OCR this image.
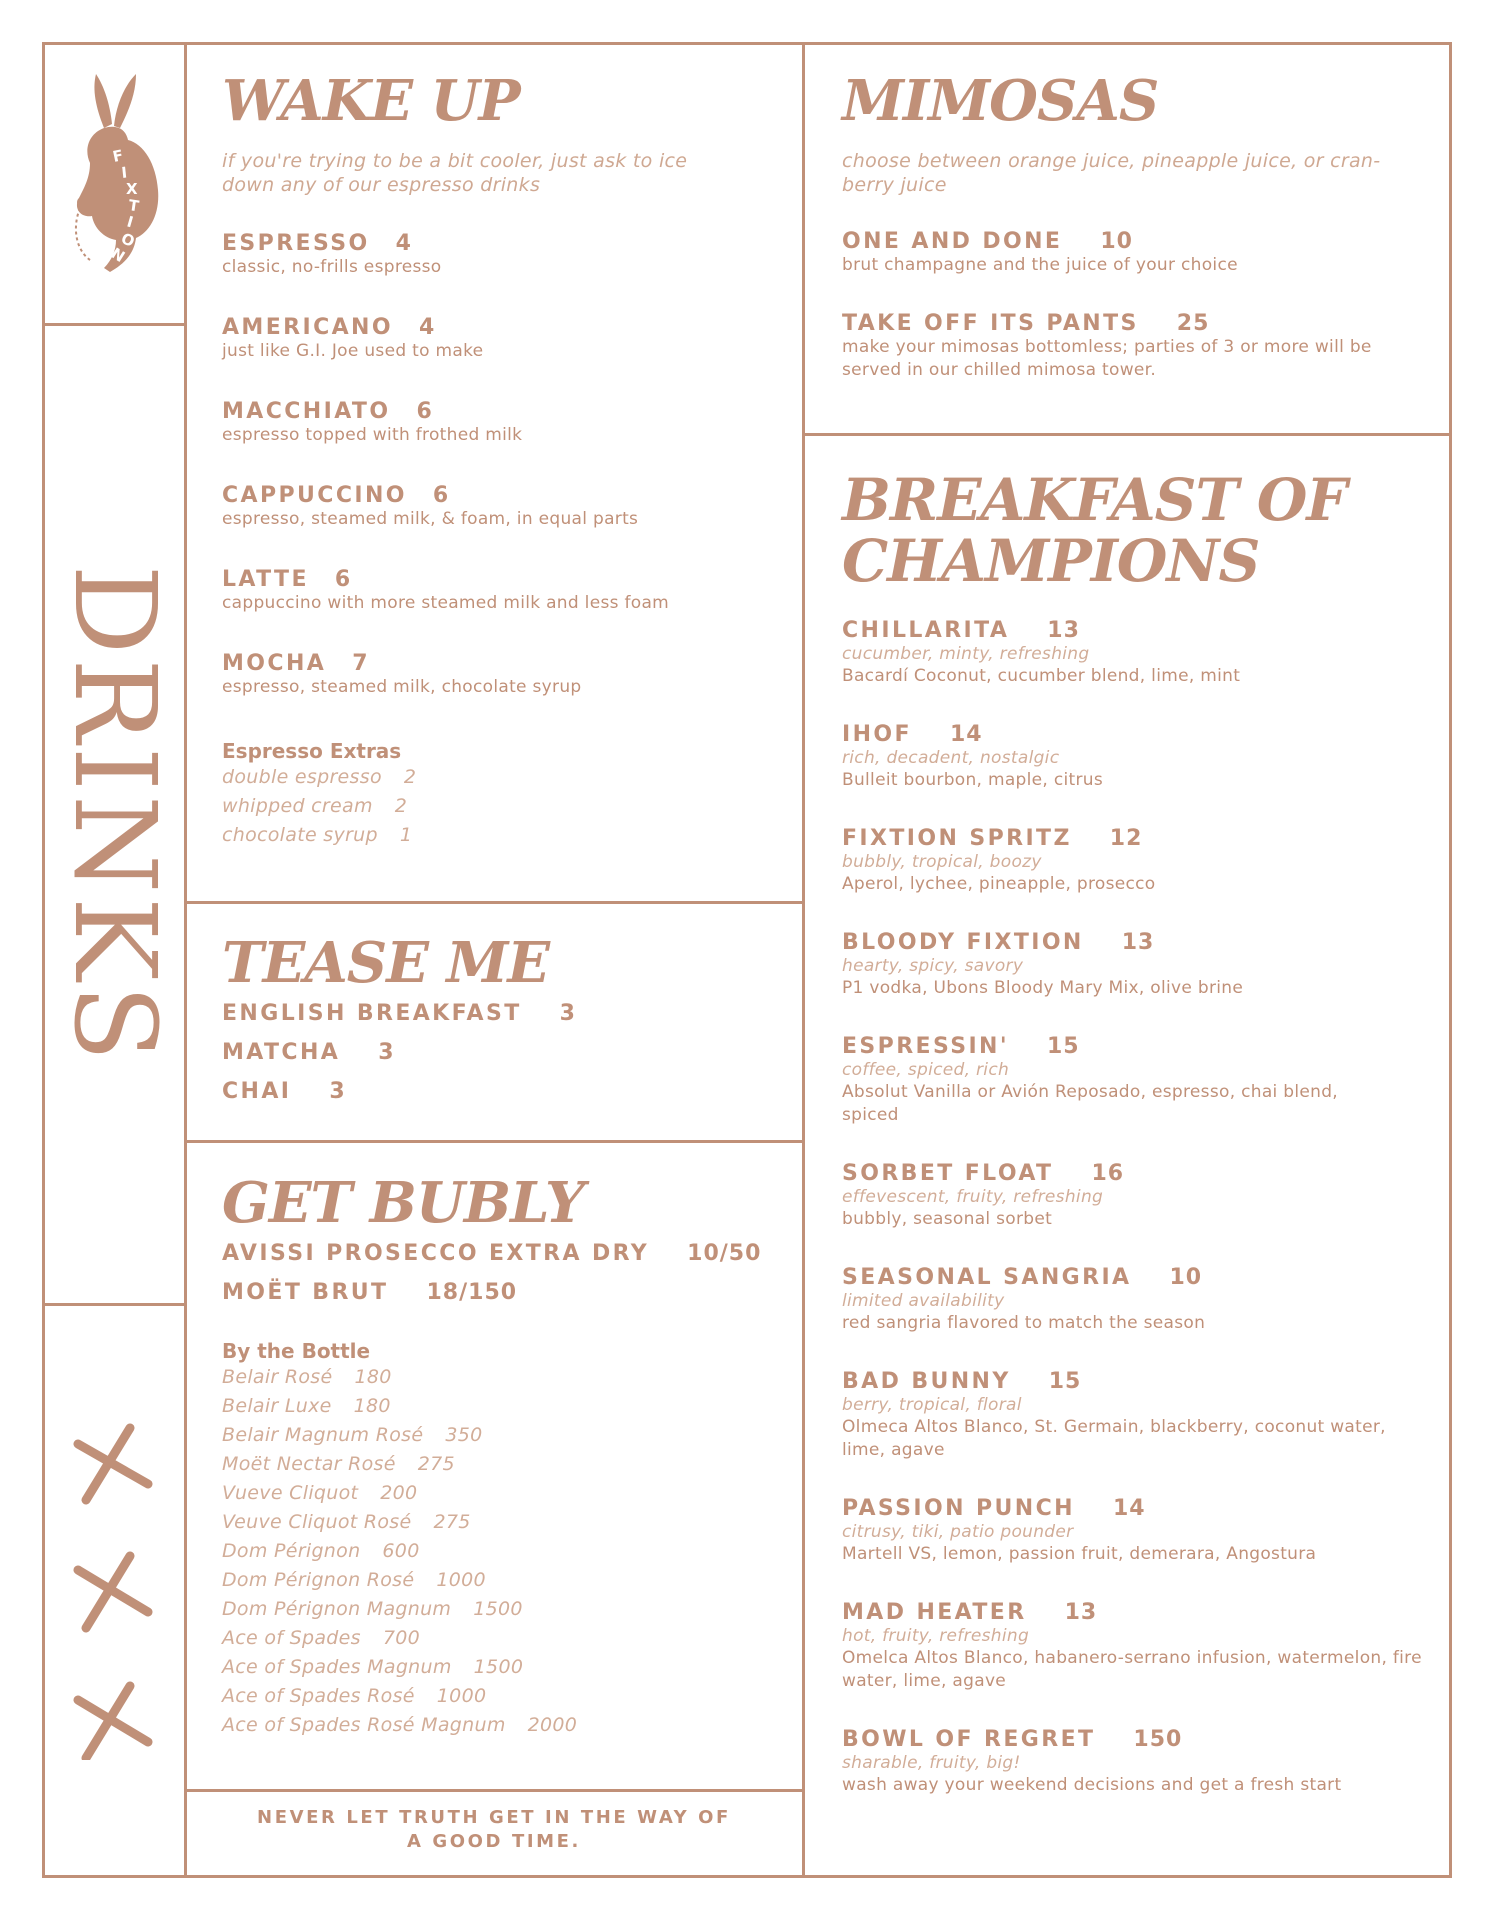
F
I
X
T
I
O
N
DRINKS
WAKE UP
if you're trying to be a bit cooler, just ask to ice down any of our espresso drinks
ESPRESSO 4
classic, no-frills espresso
AMERICANO 4
just like G.I. Joe used to make
MACCHIATO 6
espresso topped with frothed milk
CAPPUCCINO 6
espresso, steamed milk, & foam, in equal parts
LATTE 6
cappuccino with more steamed milk and less foam
MOCHA 7
espresso, steamed milk, chocolate syrup
Espresso Extras
double espresso 2
whipped cream 2
chocolate syrup 1
TEASE ME
ENGLISH BREAKFAST 3
MATCHA 3
CHAI 3
GET BUBLY
AVISSI PROSECCO EXTRA DRY 10/50
MOËT BRUT 18/150
By the Bottle
Belair Rosé 180
Belair Luxe 180
Belair Magnum Rosé 350
Moët Nectar Rosé 275
Vueve Cliquot 200
Veuve Cliquot Rosé 275
Dom Pérignon 600
Dom Pérignon Rosé 1000
Dom Pérignon Magnum 1500
Ace of Spades 700
Ace of Spades Magnum 1500
Ace of Spades Rosé 1000
Ace of Spades Rosé Magnum 2000
NEVER LET TRUTH GET IN THE WAY OF
A GOOD TIME.
MIMOSAS
choose between orange juice, pineapple juice, or cran-
berry juice
ONE AND DONE 10
brut champagne and the juice of your choice
TAKE OFF ITS PANTS 25
make your mimosas bottomless; parties of 3 or more will be served in our chilled mimosa tower.
BREAKFAST OF
CHAMPIONS
CHILLARITA 13
cucumber, minty, refreshing
Bacardí Coconut, cucumber blend, lime, mint
IHOF 14
rich, decadent, nostalgic
Bulleit bourbon, maple, citrus
FIXTION SPRITZ 12
bubbly, tropical, boozy
Aperol, lychee, pineapple, prosecco
BLOODY FIXTION 13
hearty, spicy, savory
P1 vodka, Ubons Bloody Mary Mix, olive brine
ESPRESSIN' 15
coffee, spiced, rich
Absolut Vanilla or Avión Reposado, espresso, chai blend, spiced
SORBET FLOAT 16
effevescent, fruity, refreshing
bubbly, seasonal sorbet
SEASONAL SANGRIA 10
limited availability
red sangria flavored to match the season
BAD BUNNY 15
berry, tropical, floral
Olmeca Altos Blanco, St. Germain, blackberry, coconut water, lime, agave
PASSION PUNCH 14
citrusy, tiki, patio pounder
Martell VS, lemon, passion fruit, demerara, Angostura
MAD HEATER 13
hot, fruity, refreshing
Omelca Altos Blanco, habanero-serrano infusion, watermelon, fire water, lime, agave
BOWL OF REGRET 150
sharable, fruity, big!
wash away your weekend decisions and get a fresh start
